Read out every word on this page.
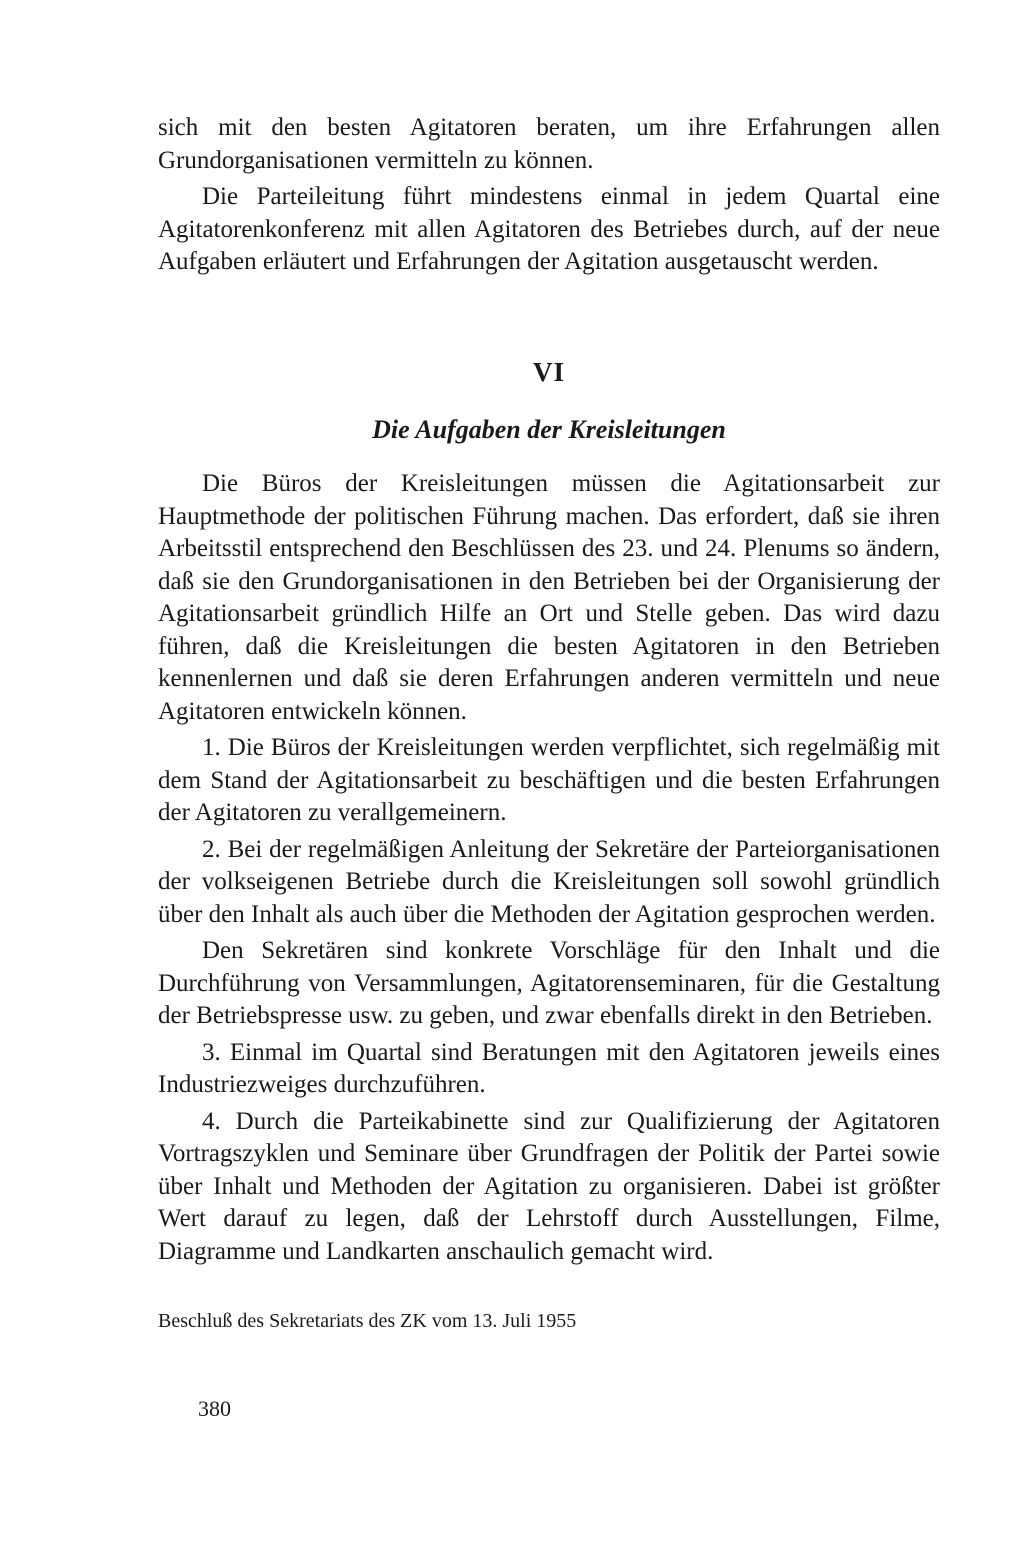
sich mit den besten Agitatoren beraten, um ihre Erfahrungen allen Grundorganisationen vermitteln zu können.

Die Parteileitung führt mindestens einmal in jedem Quartal eine Agitatorenkonferenz mit allen Agitatoren des Betriebes durch, auf der neue Aufgaben erläutert und Erfahrungen der Agitation ausgetauscht werden.

VI
Die Aufgaben der Kreisleitungen

Die Büros der Kreisleitungen müssen die Agitationsarbeit zur Hauptmethode der politischen Führung machen. Das erfordert, daß sie ihren Arbeitsstil entsprechend den Beschlüssen des 23. und 24. Plenums so ändern, daß sie den Grundorganisationen in den Betrieben bei der Organisierung der Agitationsarbeit gründlich Hilfe an Ort und Stelle geben. Das wird dazu führen, daß die Kreisleitungen die besten Agitatoren in den Betrieben kennenlernen und daß sie deren Erfahrungen anderen vermitteln und neue Agitatoren entwickeln können.

1. Die Büros der Kreisleitungen werden verpflichtet, sich regelmäßig mit dem Stand der Agitationsarbeit zu beschäftigen und die besten Erfahrungen der Agitatoren zu verallgemeinern.

2. Bei der regelmäßigen Anleitung der Sekretäre der Parteiorganisationen der volkseigenen Betriebe durch die Kreisleitungen soll sowohl gründlich über den Inhalt als auch über die Methoden der Agitation gesprochen werden.

Den Sekretären sind konkrete Vorschläge für den Inhalt und die Durchführung von Versammlungen, Agitatorenseminaren, für die Gestaltung der Betriebspresse usw. zu geben, und zwar ebenfalls direkt in den Betrieben.

3. Einmal im Quartal sind Beratungen mit den Agitatoren jeweils eines Industriezweiges durchzuführen.

4. Durch die Parteikabinette sind zur Qualifizierung der Agitatoren Vortragszyklen und Seminare über Grundfragen der Politik der Partei sowie über Inhalt und Methoden der Agitation zu organisieren. Dabei ist größter Wert darauf zu legen, daß der Lehrstoff durch Ausstellungen, Filme, Diagramme und Landkarten anschaulich gemacht wird.

Beschluß des Sekretariats des ZK vom 13. Juli 1955

380
